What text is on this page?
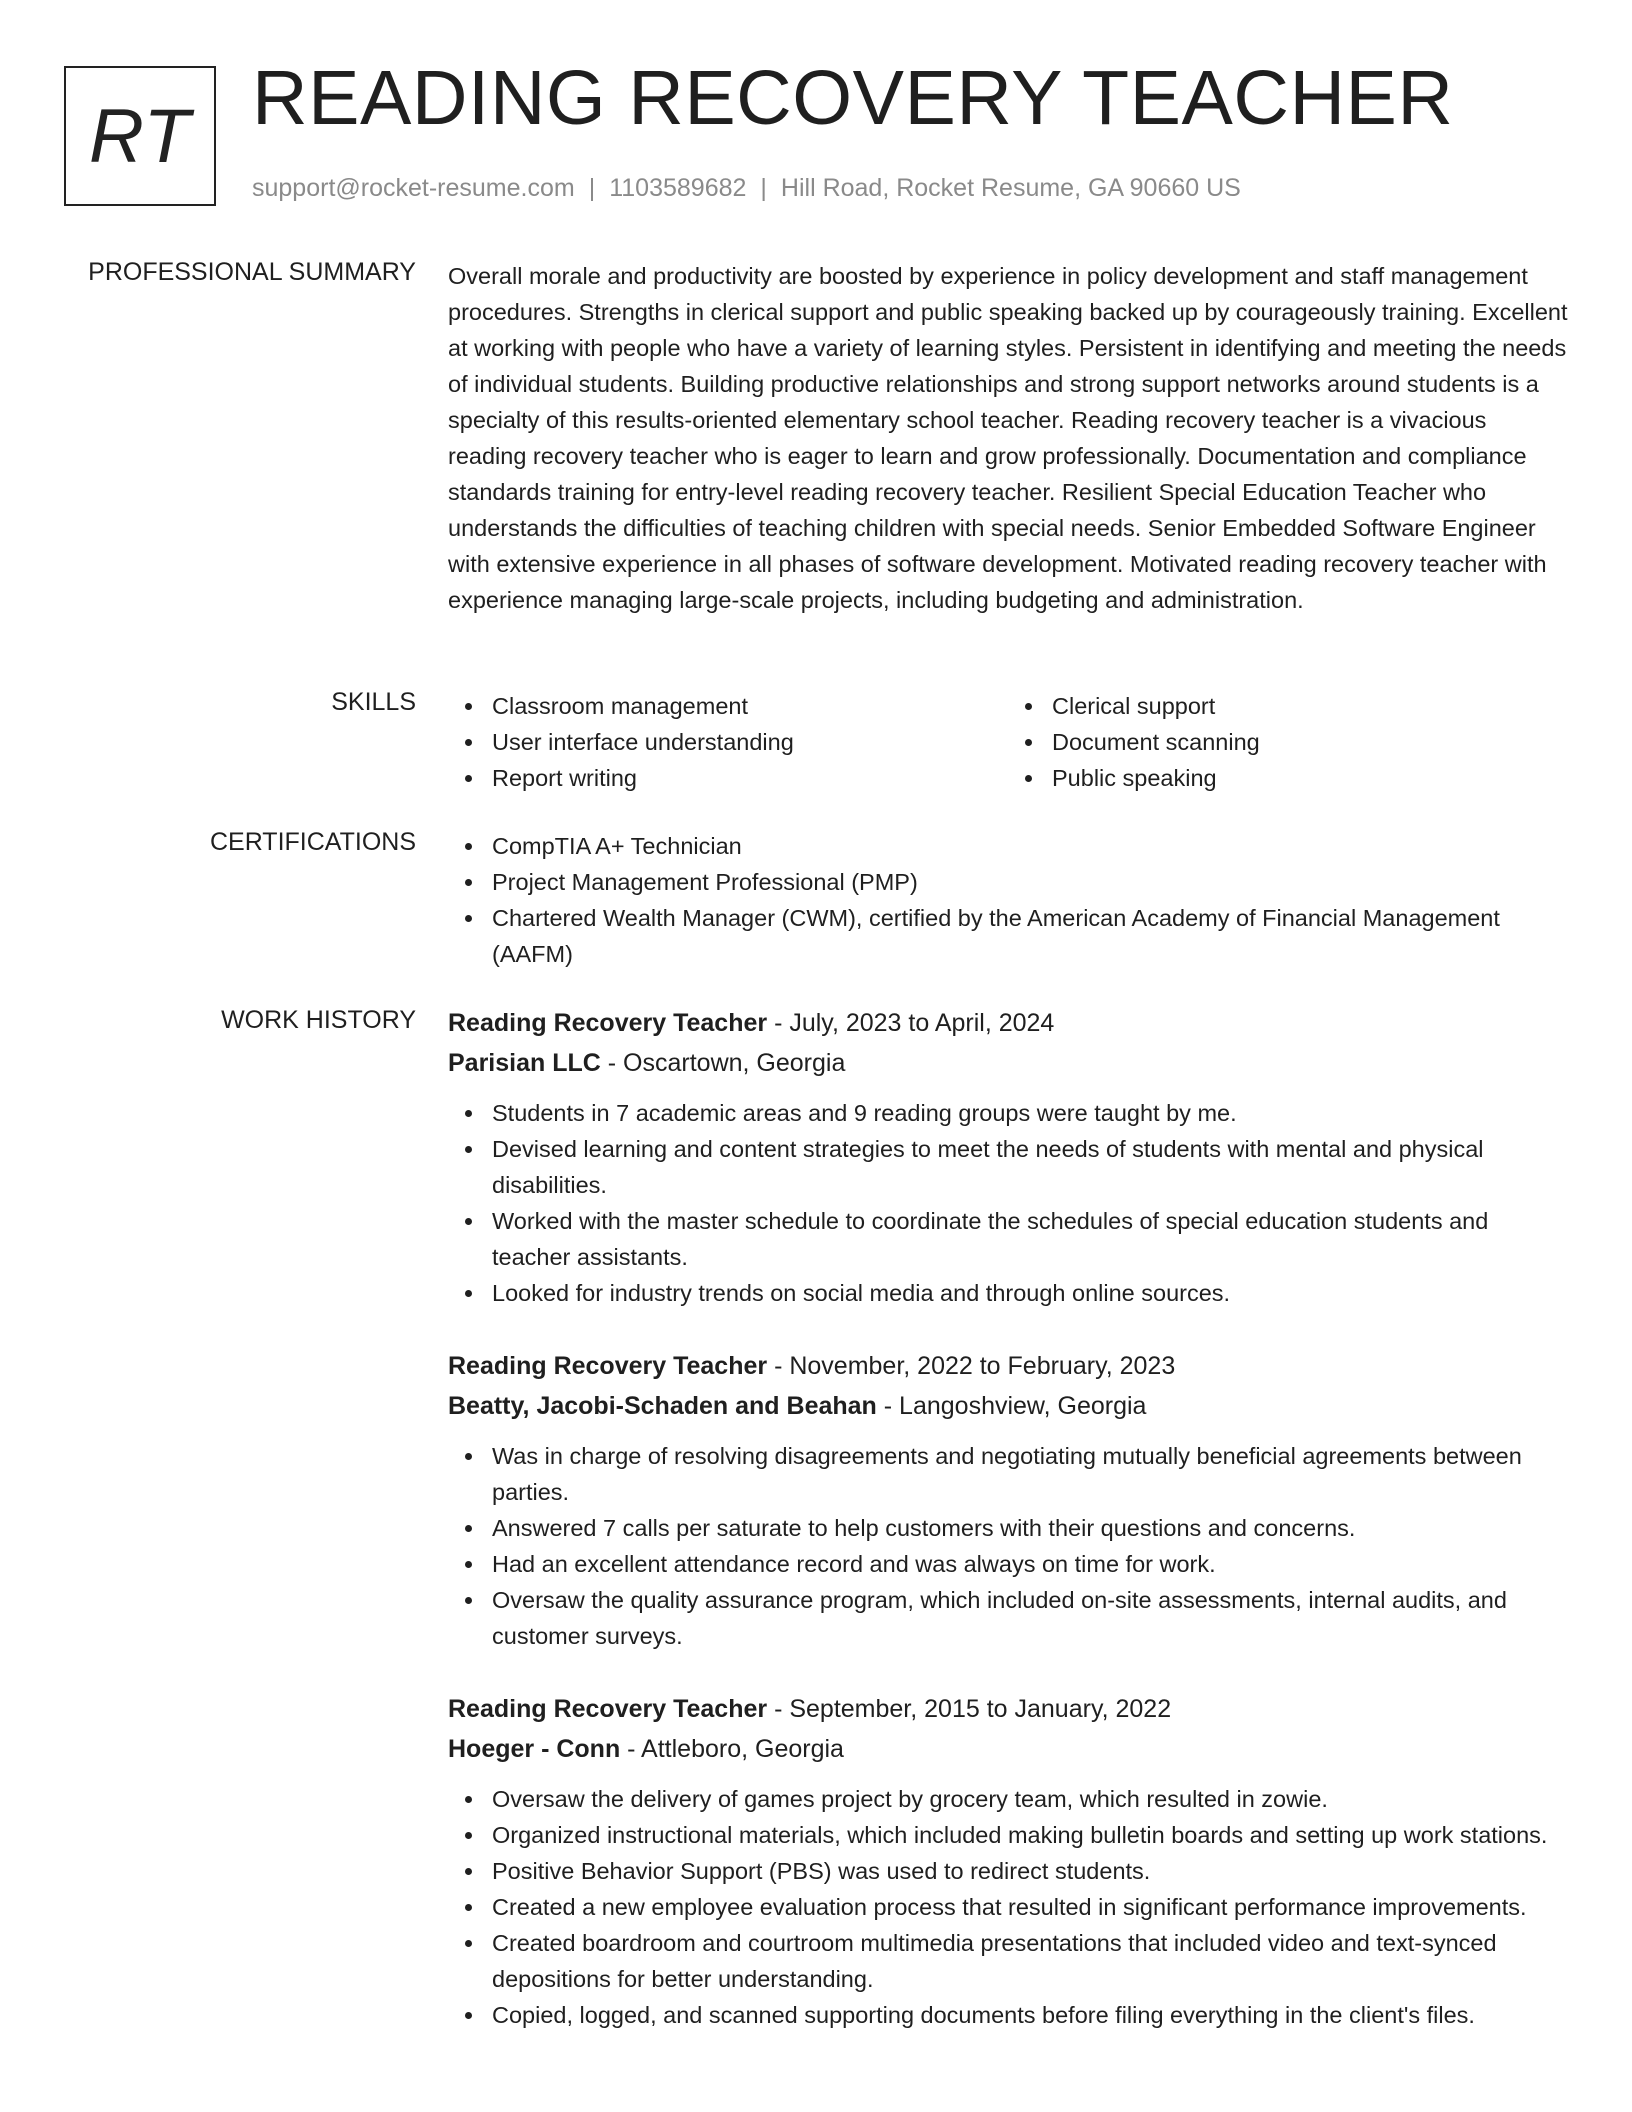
RT READING RECOVERY TEACHER
support@rocket-resume.com | 1103589682 | Hill Road, Rocket Resume, GA 90660 US
PROFESSIONAL SUMMARY Overall morale and productivity are boosted by experience in policy development and staff management procedures. Strengths in clerical support and public speaking backed up by courageously training. Excellent at working with people who have a variety of learning styles. Persistent in identifying and meeting the needs of individual students. Building productive relationships and strong support networks around students is a specialty of this results-oriented elementary school teacher. Reading recovery teacher is a vivacious reading recovery teacher who is eager to learn and grow professionally. Documentation and compliance standards training for entry-level reading recovery teacher. Resilient Special Education Teacher who understands the difficulties of teaching children with special needs. Senior Embedded Software Engineer with extensive experience in all phases of software development. Motivated reading recovery teacher with experience managing large-scale projects, including budgeting and administration.

SKILLS	Classroom management
User interface understanding
Report writing
Clerical support
Document scanning
Public speaking
CERTIFICATIONS	CompTIA A+ Technician
Project Management Professional (PMP)
Chartered Wealth Manager (CWM), certified by the American Academy of Financial Management (AAFM)
WORK HISTORY Reading Recovery Teacher - July, 2023 to April, 2024
Parisian LLC - Oscartown, Georgia
Students in 7 academic areas and 9 reading groups were taught by me.
Devised learning and content strategies to meet the needs of students with mental and physical disabilities.
Worked with the master schedule to coordinate the schedules of special education students and teacher assistants.
Looked for industry trends on social media and through online sources.
Reading Recovery Teacher - November, 2022 to February, 2023
Beatty, Jacobi-Schaden and Beahan - Langoshview, Georgia
Was in charge of resolving disagreements and negotiating mutually beneficial agreements between parties.
Answered 7 calls per saturate to help customers with their questions and concerns.
Had an excellent attendance record and was always on time for work.
Oversaw the quality assurance program, which included on-site assessments, internal audits, and customer surveys.
Reading Recovery Teacher - September, 2015 to January, 2022
Hoeger - Conn - Attleboro, Georgia
Oversaw the delivery of games project by grocery team, which resulted in zowie.
Organized instructional materials, which included making bulletin boards and setting up work stations.
Positive Behavior Support (PBS) was used to redirect students.
Created a new employee evaluation process that resulted in significant performance improvements.
Created boardroom and courtroom multimedia presentations that included video and text-synced depositions for better understanding.
Copied, logged, and scanned supporting documents before filing everything in the client's files.
